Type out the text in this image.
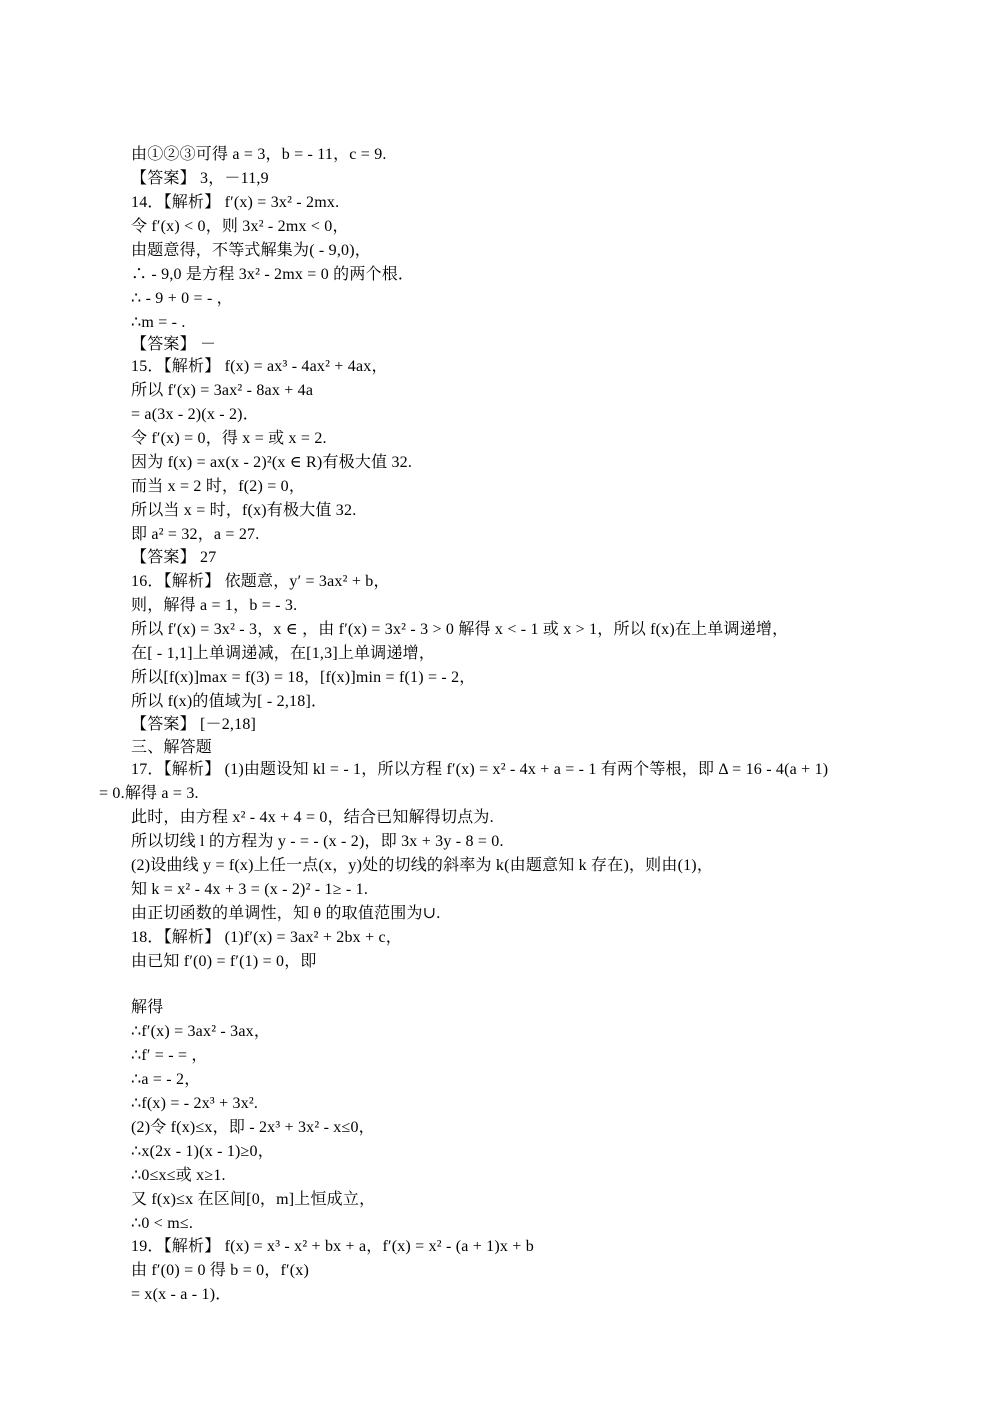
由①②③可得 a = 3，b = - 11，c = 9.
【答案】 3，－11,9
14．【解析】 f′(x) = 3x² - 2mx.
令 f′(x) < 0，则 3x² - 2mx < 0，
由题意得，不等式解集为( - 9,0)，
∴ - 9,0 是方程 3x² - 2mx = 0 的两个根．
∴ - 9 + 0 = - ，
∴m = - .
【答案】 －
15．【解析】 f(x) = ax³ - 4ax² + 4ax，
所以 f′(x) = 3ax² - 8ax + 4a
= a(3x - 2)(x - 2)．
令 f′(x) = 0，得 x = 或 x = 2.
因为 f(x) = ax(x - 2)²(x ∈ R)有极大值 32.
而当 x = 2 时，f(2) = 0，
所以当 x = 时，f(x)有极大值 32.
即 a² = 32，a = 27.
【答案】 27
16．【解析】 依题意，y′ = 3ax² + b，
则，解得 a = 1，b = - 3.
所以 f′(x) = 3x² - 3，x ∈ ，由 f′(x) = 3x² - 3 > 0 解得 x < - 1 或 x > 1，所以 f(x)在上单调递增，
在[ - 1,1]上单调递减，在[1,3]上单调递增，
所以[f(x)]max = f(3) = 18，[f(x)]min = f(1) = - 2，
所以 f(x)的值域为[ - 2,18]．
【答案】 [－2,18]
三、解答题
17．【解析】 (1)由题设知 kl = - 1，所以方程 f′(x) = x² - 4x + a = - 1 有两个等根，即 Δ = 16 - 4(a + 1)
= 0.解得 a = 3.
此时，由方程 x² - 4x + 4 = 0，结合已知解得切点为.
所以切线 l 的方程为 y - = - (x - 2)，即 3x + 3y - 8 = 0.
(2)设曲线 y = f(x)上任一点(x，y)处的切线的斜率为 k(由题意知 k 存在)，则由(1)，
知 k = x² - 4x + 3 = (x - 2)² - 1≥ - 1.
由正切函数的单调性，知 θ 的取值范围为∪.
18．【解析】 (1)f′(x) = 3ax² + 2bx + c，
由已知 f′(0) = f′(1) = 0，即
解得
∴f′(x) = 3ax² - 3ax，
∴f′ = - = ，
∴a = - 2，
∴f(x) = - 2x³ + 3x².
(2)令 f(x)≤x，即 - 2x³ + 3x² - x≤0，
∴x(2x - 1)(x - 1)≥0，
∴0≤x≤或 x≥1.
又 f(x)≤x 在区间[0，m]上恒成立，
∴0 < m≤.
19．【解析】 f(x) = x³ - x² + bx + a，f′(x) = x² - (a + 1)x + b
由 f′(0) = 0 得 b = 0，f′(x)
= x(x - a - 1)．
